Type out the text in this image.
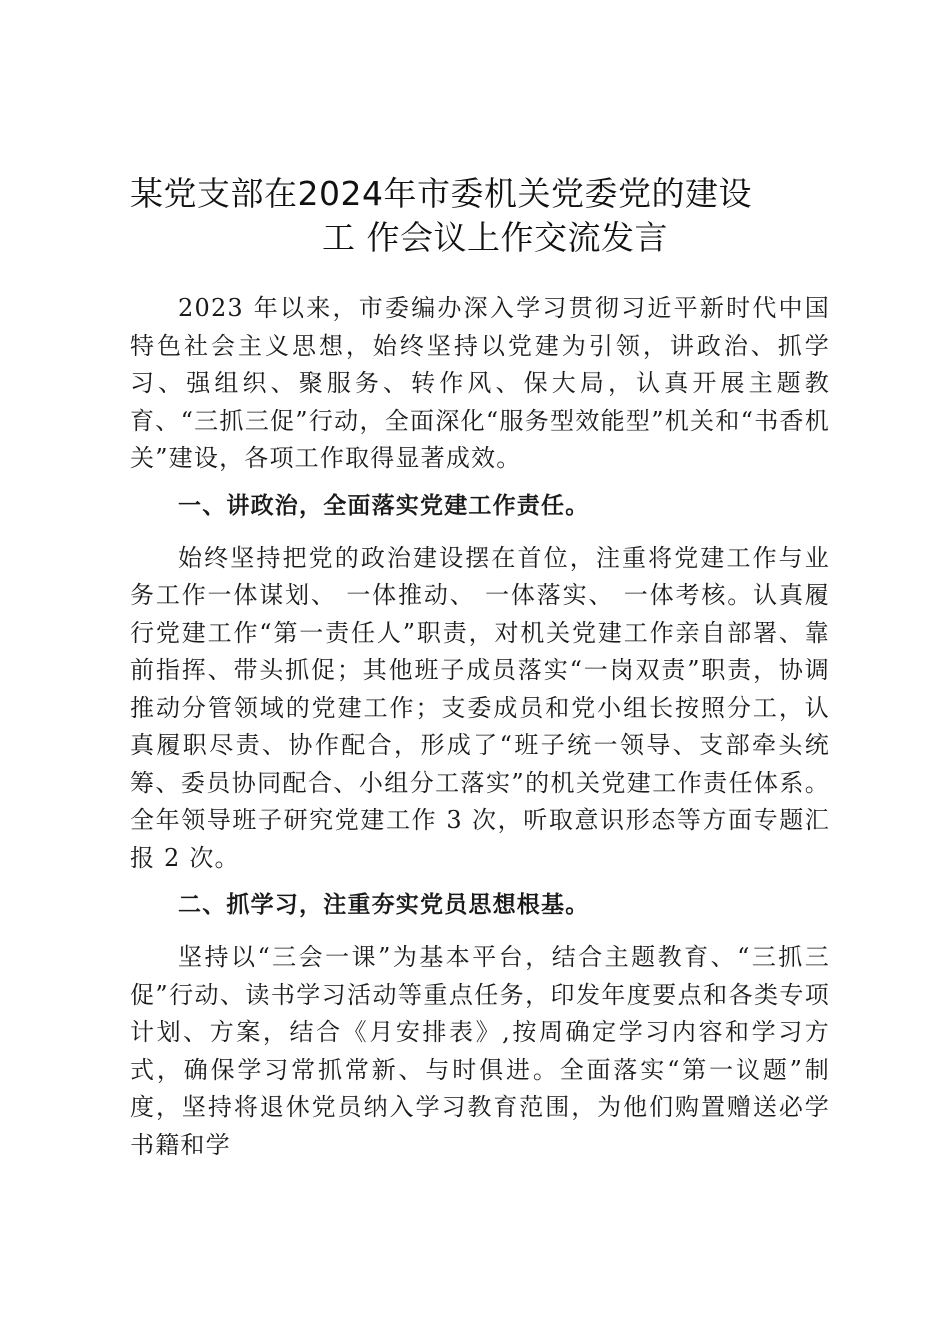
某党支部在2024年市委机关党委党的建设
工 作会议上作交流发言

2023 年以来，市委编办深入学习贯彻习近平新时代中国特色社会主义思想，始终坚持以党建为引领，讲政治、抓学习、强组织、聚服务、转作风、保大局，认真开展主题教育、“三抓三促”行动，全面深化“服务型效能型”机关和“书香机关”建设，各项工作取得显著成效。

一、讲政治，全面落实党建工作责任。

始终坚持把党的政治建设摆在首位，注重将党建工作与业务工作一体谋划、 一体推动、 一体落实、 一体考核。认真履行党建工作“第一责任人”职责，对机关党建工作亲自部署、靠前指挥、带头抓促；其他班子成员落实“一岗双责”职责，协调推动分管领域的党建工作；支委成员和党小组长按照分工，认真履职尽责、协作配合，形成了“班子统一领导、支部牵头统筹、委员协同配合、小组分工落实”的机关党建工作责任体系。全年领导班子研究党建工作 3 次，听取意识形态等方面专题汇报 2 次。

二、抓学习，注重夯实党员思想根基。

坚持以“三会一课”为基本平台，结合主题教育、“三抓三促”行动、读书学习活动等重点任务，印发年度要点和各类专项计划、方案，结合《月安排表》,按周确定学习内容和学习方式，确保学习常抓常新、与时俱进。全面落实“第一议题”制度，坚持将退休党员纳入学习教育范围，为他们购置赠送必学书籍和学
